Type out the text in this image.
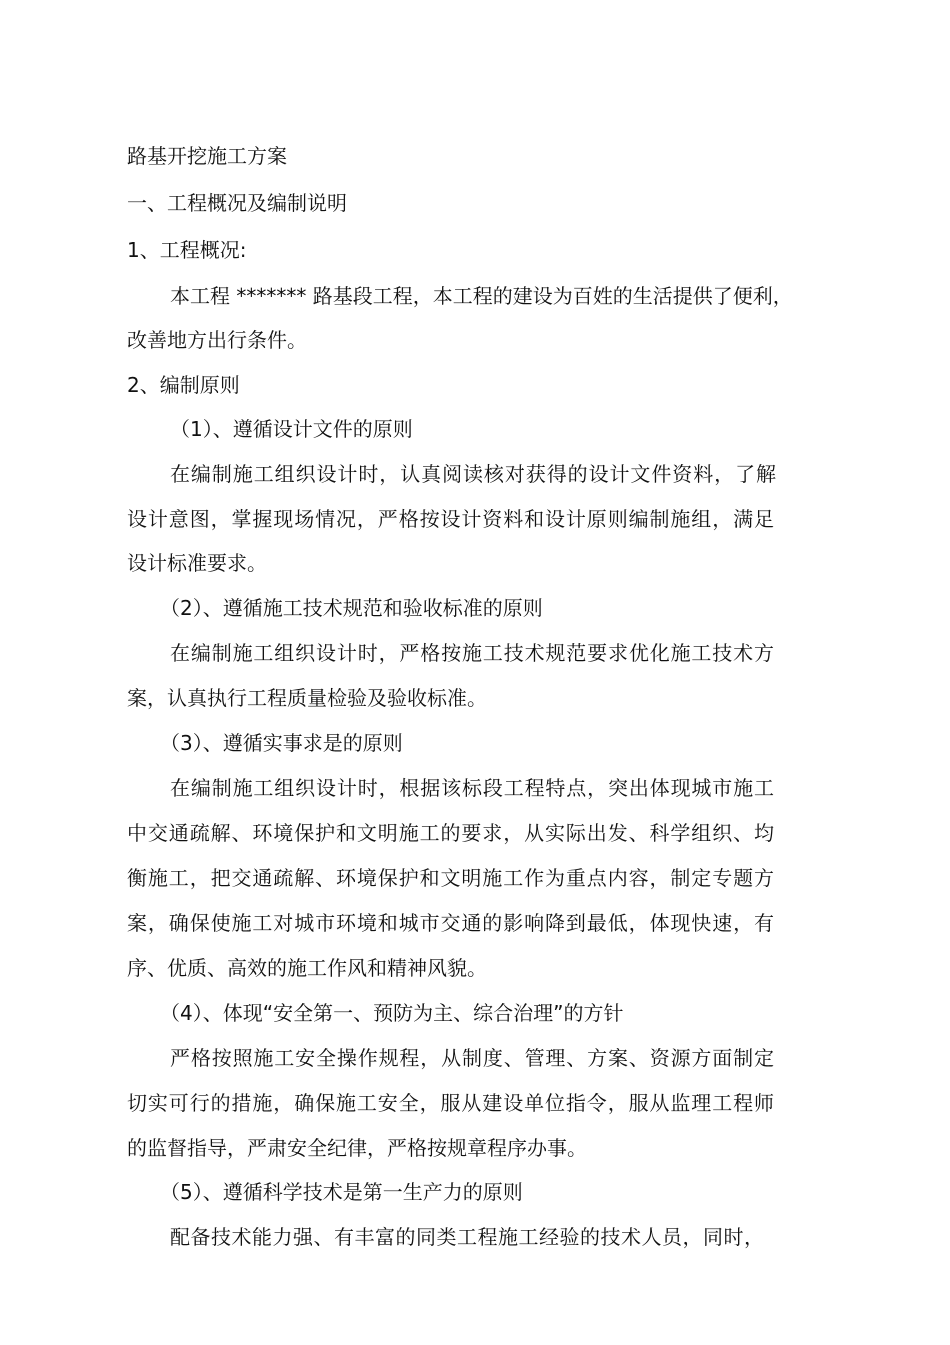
路基开挖施工方案
一、工程概况及编制说明
1、工程概况:
本工程 ******* 路基段工程，本工程的建设为百姓的生活提供了便利，
改善地方出行条件。
2、编制原则
（1）、遵循设计文件的原则
在编制施工组织设计时，认真阅读核对获得的设计文件资料，了解
设计意图，掌握现场情况，严格按设计资料和设计原则编制施组，满足
设计标准要求。
（2）、遵循施工技术规范和验收标准的原则
在编制施工组织设计时，严格按施工技术规范要求优化施工技术方
案，认真执行工程质量检验及验收标准。
（3）、遵循实事求是的原则
在编制施工组织设计时，根据该标段工程特点，突出体现城市施工
中交通疏解、环境保护和文明施工的要求，从实际出发、科学组织、均
衡施工，把交通疏解、环境保护和文明施工作为重点内容，制定专题方
案，确保使施工对城市环境和城市交通的影响降到最低，体现快速，有
序、优质、高效的施工作风和精神风貌。
（4）、体现“安全第一、预防为主、综合治理”的方针
严格按照施工安全操作规程，从制度、管理、方案、资源方面制定
切实可行的措施，确保施工安全，服从建设单位指令，服从监理工程师
的监督指导，严肃安全纪律，严格按规章程序办事。
（5）、遵循科学技术是第一生产力的原则
配备技术能力强、有丰富的同类工程施工经验的技术人员，同时，
